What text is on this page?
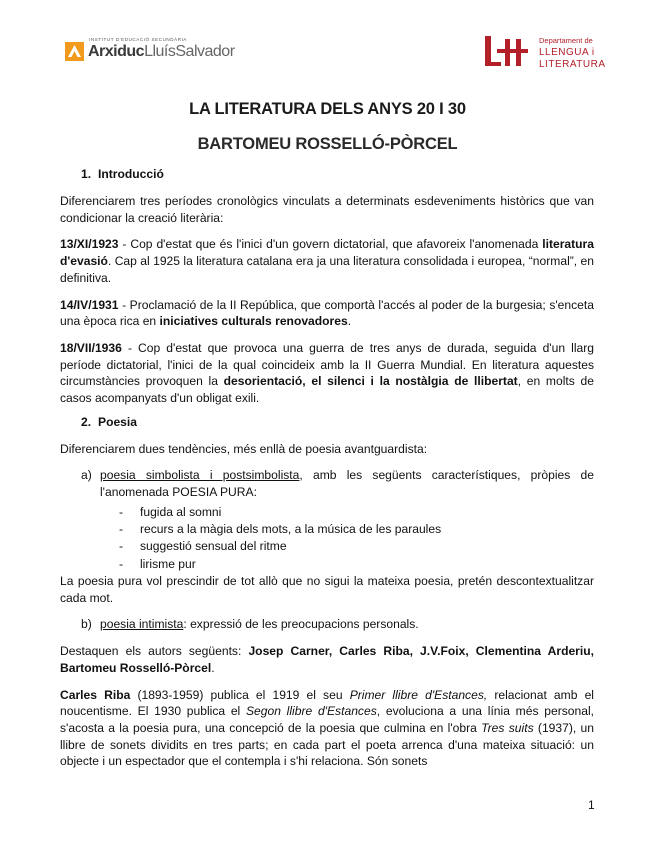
INSTITUT D'EDUCACIÓ SECUNDÀRIA
ArxiducLluísSalvador
Departament de
LLENGUA i
LITERATURA
LA LITERATURA DELS ANYS 20 I 30
BARTOMEU ROSSELLÓ-PÒRCEL
1. Introducció

Diferenciarem tres períodes cronològics vinculats a determinats esdeveniments històrics que van condicionar la creació literària:

13/XI/1923 - Cop d'estat que és l'inici d'un govern dictatorial, que afavoreix l'anomenada literatura d'evasió. Cap al 1925 la literatura catalana era ja una literatura consolidada i europea, “normal”, en definitiva.

14/IV/1931 - Proclamació de la II República, que comportà l'accés al poder de la burgesia; s'enceta una època rica en iniciatives culturals renovadores.

18/VII/1936 - Cop d'estat que provoca una guerra de tres anys de durada, seguida d'un llarg període dictatorial, l'inici de la qual coincideix amb la II Guerra Mundial. En literatura aquestes circumstàncies provoquen la desorientació, el silenci i la nostàlgia de llibertat, en molts de casos acompanyats d'un obligat exili.

2. Poesia

Diferenciarem dues tendències, més enllà de poesia avantguardista:

a) poesia simbolista i postsimbolista, amb les següents característiques, pròpies de l'anomenada POESIA PURA:
- fugida al somni
- recurs a la màgia dels mots, a la música de les paraules
- suggestió sensual del ritme
- lirisme pur

La poesia pura vol prescindir de tot allò que no sigui la mateixa poesia, pretén descontextualitzar cada mot.

b) poesia intimista: expressió de les preocupacions personals.

Destaquen els autors següents: Josep Carner, Carles Riba, J.V.Foix, Clementina Arderiu, Bartomeu Rosselló-Pòrcel.

Carles Riba (1893-1959) publica el 1919 el seu Primer llibre d'Estances, relacionat amb el noucentisme. El 1930 publica el Segon llibre d'Estances, evoluciona a una línia més personal, s'acosta a la poesia pura, una concepció de la poesia que culmina en l'obra Tres suits (1937), un llibre de sonets dividits en tres parts; en cada part el poeta arrenca d'una mateixa situació: un objecte i un espectador que el contempla i s'hi relaciona. Són sonets

1
